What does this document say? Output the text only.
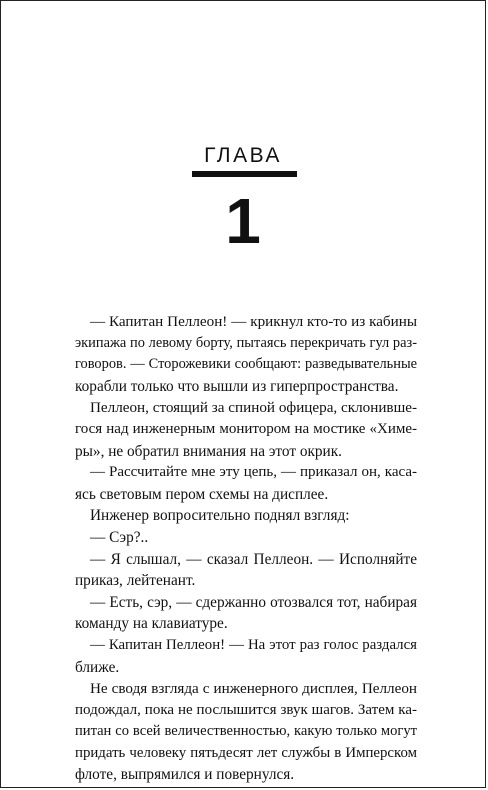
ГЛАВА
1
— Капитан Пеллеон! — крикнул кто-то из кабины
экипажа по левому борту, пытаясь перекричать гул раз-
говоров. — Сторожевики сообщают: разведывательные
корабли только что вышли из гиперпространства.
Пеллеон, стоящий за спиной офицера, склонивше-
гося над инженерным монитором на мостике «Химе-
ры», не обратил внимания на этот окрик.
— Рассчитайте мне эту цепь, — приказал он, каса-
ясь световым пером схемы на дисплее.
Инженер вопросительно поднял взгляд:
— Сэр?..
— Я слышал, — сказал Пеллеон. — Исполняйте
приказ, лейтенант.
— Есть, сэр, — сдержанно отозвался тот, набирая
команду на клавиатуре.
— Капитан Пеллеон! — На этот раз голос раздался
ближе.
Не сводя взгляда с инженерного дисплея, Пеллеон
подождал, пока не послышится звук шагов. Затем ка-
питан со всей величественностью, какую только могут
придать человеку пятьдесят лет службы в Имперском
флоте, выпрямился и повернулся.
